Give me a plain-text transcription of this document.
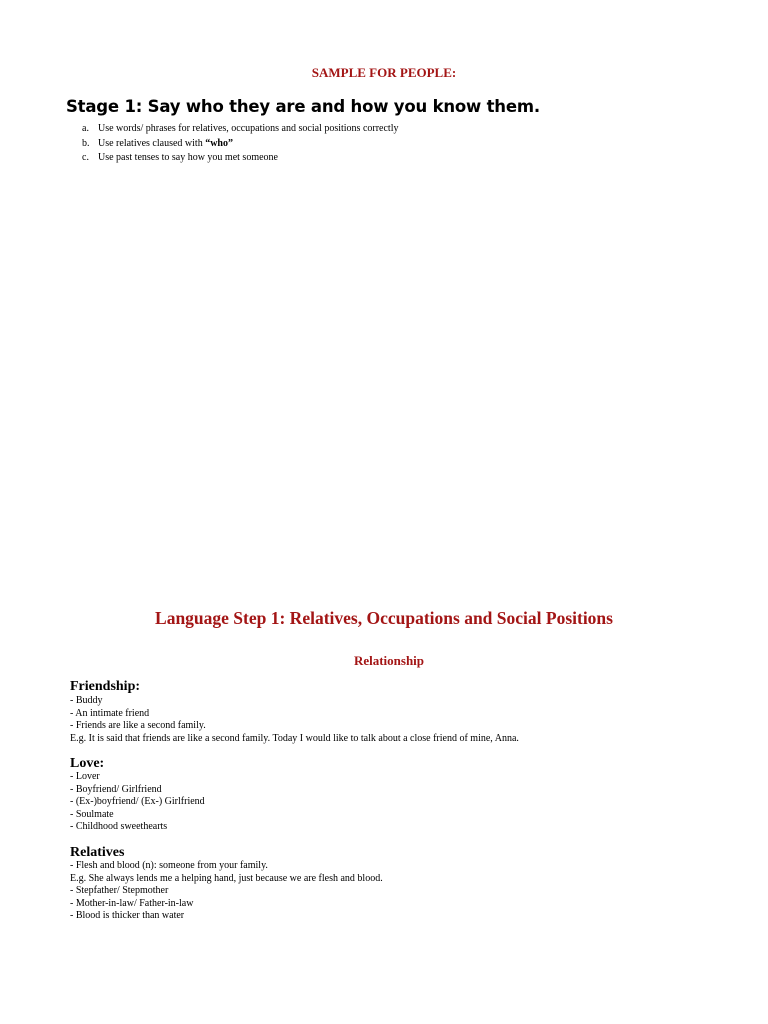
SAMPLE FOR PEOPLE:
Stage 1: Say who they are and how you know them.
a. Use words/ phrases for relatives, occupations and social positions correctly
b. Use relatives claused with “who”
c. Use past tenses to say how you met someone
Language Step 1: Relatives, Occupations and Social Positions
Relationship
Friendship:
- Buddy
- An intimate friend
- Friends are like a second family.
E.g. It is said that friends are like a second family. Today I would like to talk about a close friend of mine, Anna.
Love:
- Lover
- Boyfriend/ Girlfriend
- (Ex-)boyfriend/ (Ex-) Girlfriend
- Soulmate
- Childhood sweethearts
Relatives
- Flesh and blood (n): someone from your family.
E.g. She always lends me a helping hand, just because we are flesh and blood.
- Stepfather/ Stepmother
- Mother-in-law/ Father-in-law
- Blood is thicker than water
